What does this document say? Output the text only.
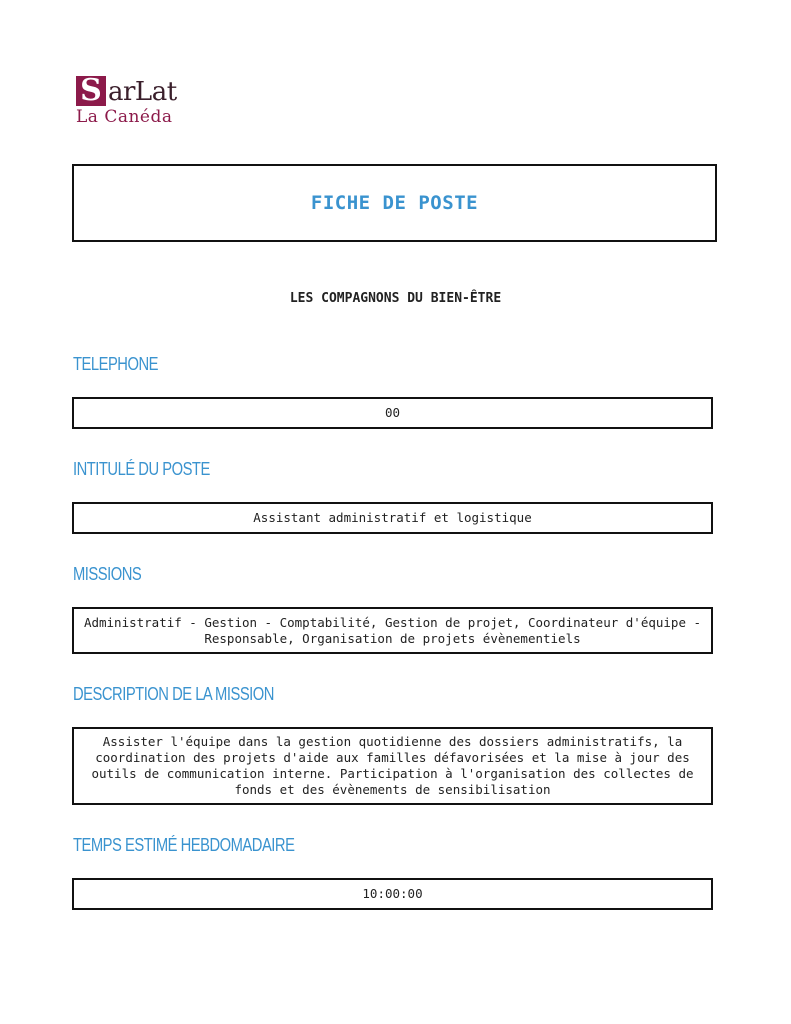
S arLat
La Canéda
FICHE DE POSTE
LES COMPAGNONS DU BIEN-ÊTRE
TELEPHONE
00
INTITULÉ DU POSTE
Assistant administratif et logistique
MISSIONS
Administratif - Gestion - Comptabilité, Gestion de projet, Coordinateur d'équipe - Responsable, Organisation de projets évènementiels
DESCRIPTION DE LA MISSION
Assister l'équipe dans la gestion quotidienne des dossiers administratifs, la coordination des projets d'aide aux familles défavorisées et la mise à jour des outils de communication interne. Participation à l'organisation des collectes de fonds et des évènements de sensibilisation
TEMPS ESTIMÉ HEBDOMADAIRE
10:00:00
